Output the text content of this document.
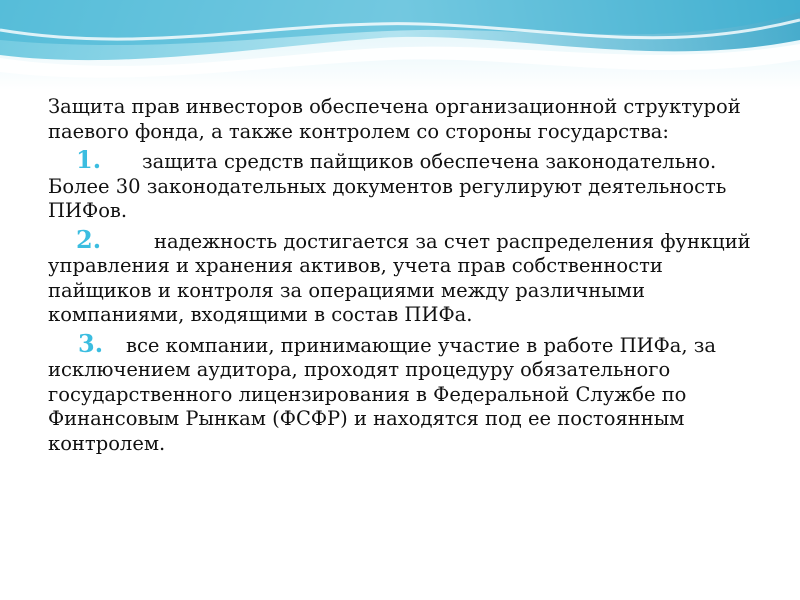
Защита прав инвесторов обеспечена организационной структурой паевого фонда, а также контролем со стороны государства:

1. защита средств пайщиков обеспечена законодательно. Более 30 законодательных документов регулируют деятельность ПИФов.

2.	надежность достигается за счет распределения функций управления и хранения активов, учета прав собственности пайщиков и контроля за операциями между различными компаниями, входящими в состав ПИФа.

3. все компании, принимающие участие в работе ПИФа, за исключением аудитора, проходят процедуру обязательного государственного лицензирования в Федеральной Службе по Финансовым Рынкам (ФСФР) и находятся под ее постоянным контролем.
